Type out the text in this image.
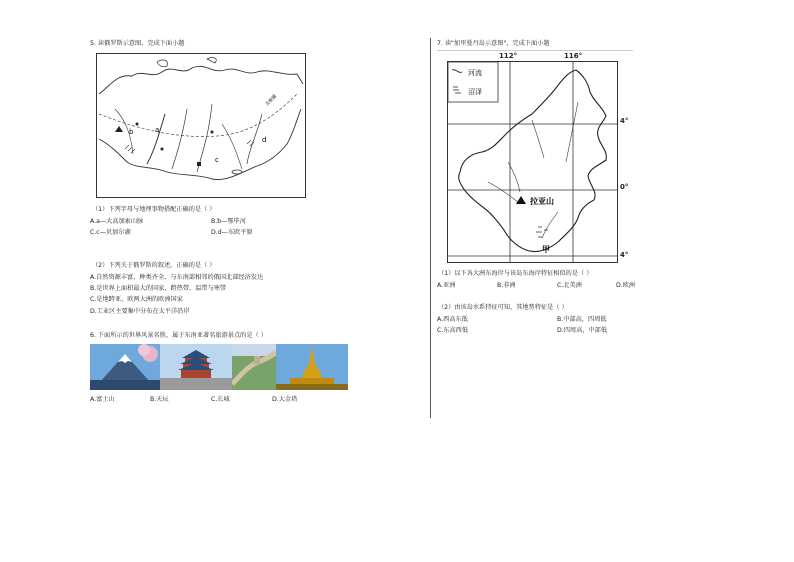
5. 读俄罗斯示意图，完成下面小题
a
b
c
d
北极圈
（1）下列字母与地理事物搭配正确的是（ ）
A.a—大高加索山脉	B.b—鄂毕河
C.c—贝加尔湖	D.d—东欧平原
（2）下列关于俄罗斯的叙述，正确的是（ ）
A.自然资源丰富，种类齐全，与东南部相邻的俄国北部经济发达
B.是世界上面积最大的国家，跨热带、温带与寒带
C.是地跨亚、欧两大洲的欧洲国家
D.工业区主要集中分布在太平洋沿岸
6. 下面所示的世界风景名胜，属于东南亚著名旅游景点的是（ ）
A.富士山	B.天坛	C.长城	D.大金塔
7. 读"加里曼丹岛示意图"，完成下面小题
112°	116°
河流
沼泽
拉亚山
甲
4°
0°
4°
（1）以下各大洲东海岸与该岛东海岸特征相似的是（ ）
A.亚洲	B.非洲	C.北美洲	D.欧洲
（2）由该岛水系特征可知，其地势特征是（ ）
A.西高东低	B.中部高，四周低
C.东高西低	D.四周高，中部低
